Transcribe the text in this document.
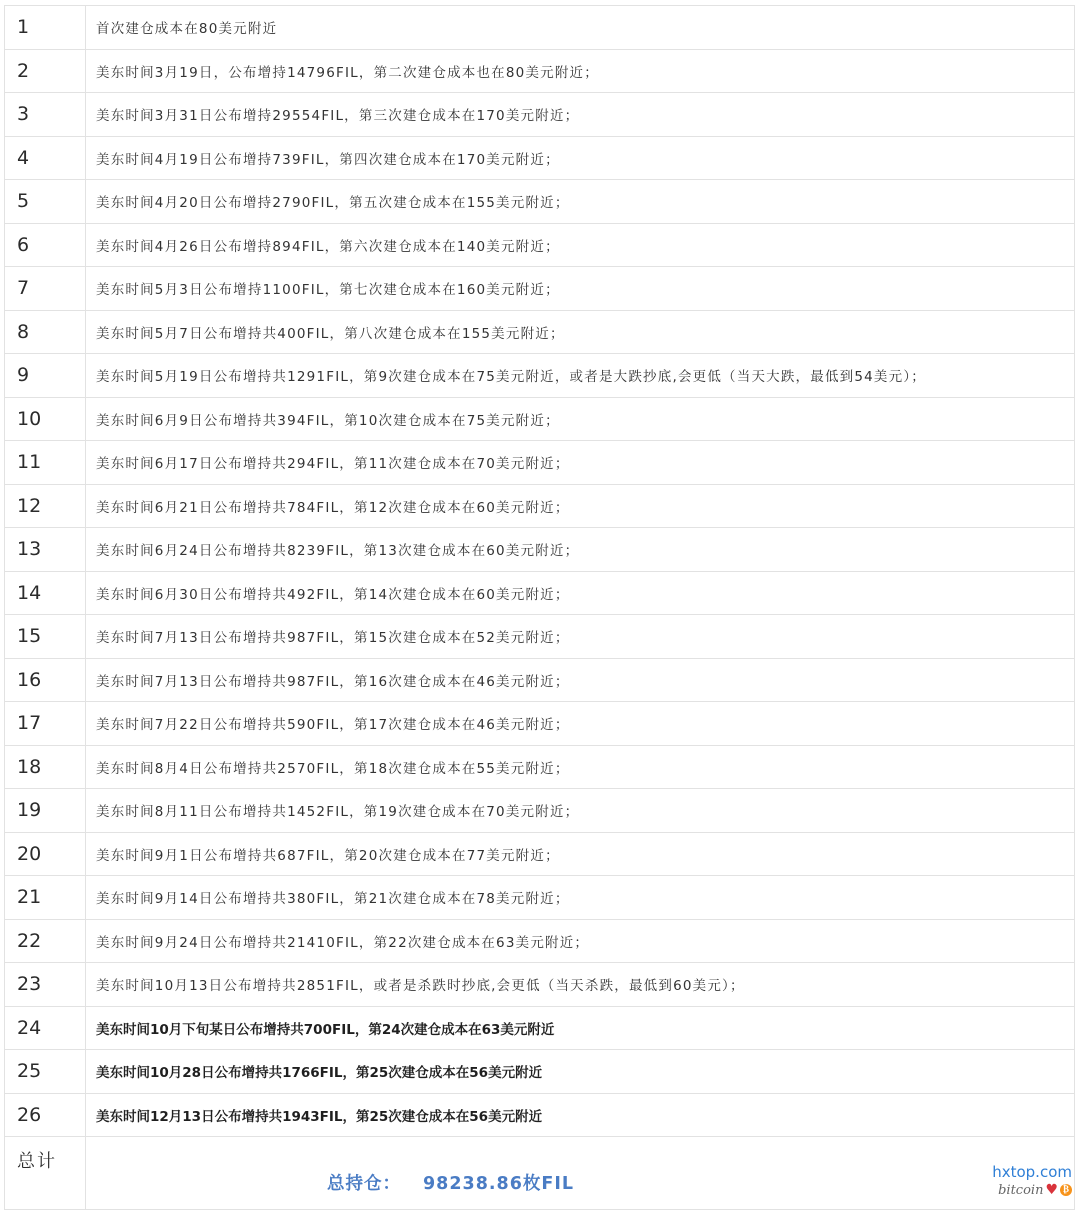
1	首次建仓成本在80美元附近
2	美东时间3月19日，公布增持14796FIL，第二次建仓成本也在80美元附近；
3	美东时间3月31日公布增持29554FIL，第三次建仓成本在170美元附近；
4	美东时间4月19日公布增持739FIL，第四次建仓成本在170美元附近；
5	美东时间4月20日公布增持2790FIL，第五次建仓成本在155美元附近；
6	美东时间4月26日公布增持894FIL，第六次建仓成本在140美元附近；
7	美东时间5月3日公布增持1100FIL，第七次建仓成本在160美元附近；
8	美东时间5月7日公布增持共400FIL，第八次建仓成本在155美元附近；
9	美东时间5月19日公布增持共1291FIL，第9次建仓成本在75美元附近，或者是大跌抄底,会更低（当天大跌，最低到54美元）；
10	美东时间6月9日公布增持共394FIL，第10次建仓成本在75美元附近；
11	美东时间6月17日公布增持共294FIL，第11次建仓成本在70美元附近；
12	美东时间6月21日公布增持共784FIL，第12次建仓成本在60美元附近；
13	美东时间6月24日公布增持共8239FIL，第13次建仓成本在60美元附近；
14	美东时间6月30日公布增持共492FIL，第14次建仓成本在60美元附近；
15	美东时间7月13日公布增持共987FIL，第15次建仓成本在52美元附近；
16	美东时间7月13日公布增持共987FIL，第16次建仓成本在46美元附近；
17	美东时间7月22日公布增持共590FIL，第17次建仓成本在46美元附近；
18	美东时间8月4日公布增持共2570FIL，第18次建仓成本在55美元附近；
19	美东时间8月11日公布增持共1452FIL，第19次建仓成本在70美元附近；
20	美东时间9月1日公布增持共687FIL，第20次建仓成本在77美元附近；
21	美东时间9月14日公布增持共380FIL，第21次建仓成本在78美元附近；
22	美东时间9月24日公布增持共21410FIL，第22次建仓成本在63美元附近；
23	美东时间10月13日公布增持共2851FIL，或者是杀跌时抄底,会更低（当天杀跌，最低到60美元）；
24	美东时间10月下旬某日公布增持共700FIL，第24次建仓成本在63美元附近
25	美东时间10月28日公布增持共1766FIL，第25次建仓成本在56美元附近
26	美东时间12月13日公布增持共1943FIL，第25次建仓成本在56美元附近
总计	总持仓： 98238.86枚FIL
hxtop.com
bitcoin ♥ ₿
